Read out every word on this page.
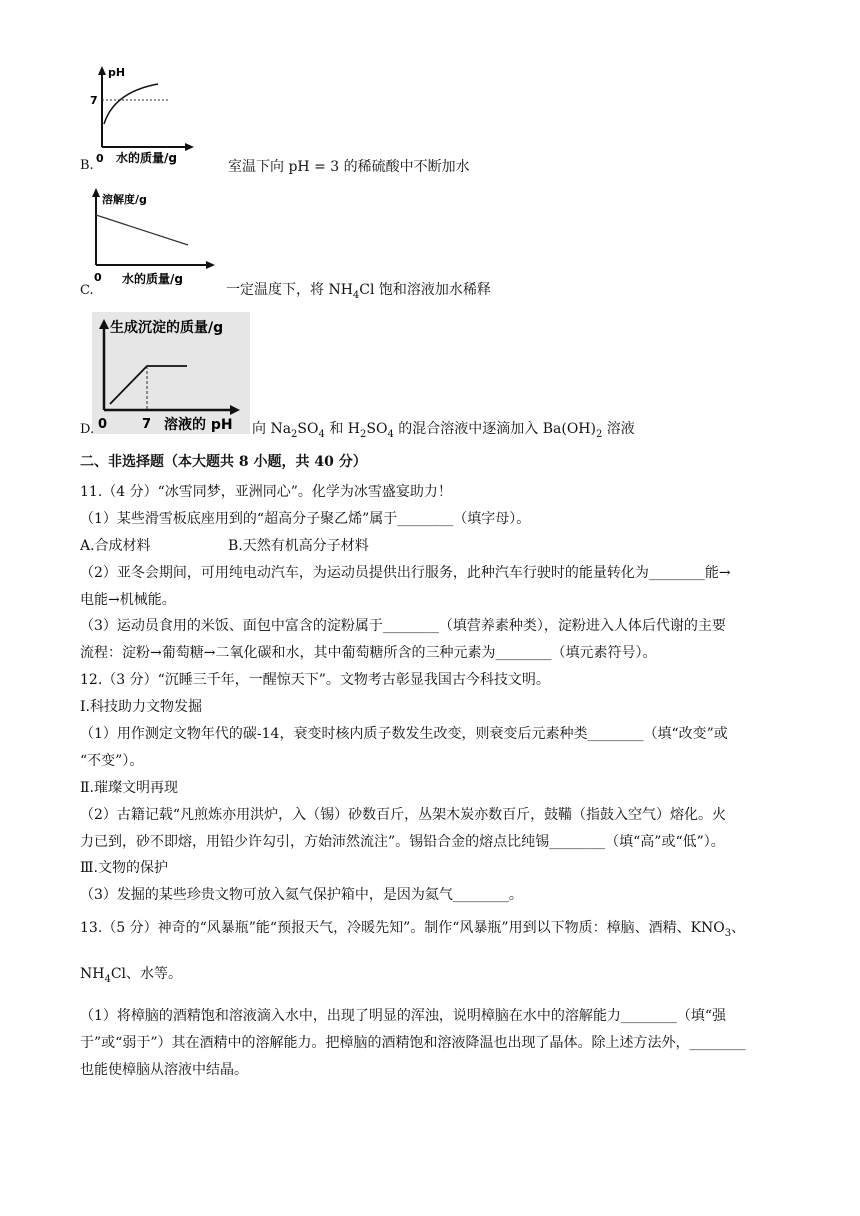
pH
7
0 水的质量/g
B.	室温下向 pH = 3 的稀硫酸中不断加水
溶解度/g
0 水的质量/g
C.	一定温度下，将 $NH_4Cl$ 饱和溶液加水稀释
生成沉淀的质量/g
0	7 溶液的 pH
D.	向 $Na_2SO_4$ 和 $H_2SO_4$ 的混合溶液中逐滴加入 $Ba(OH)_2$ 溶液
二、非选择题（本大题共 8 小题，共 40 分）
11.（4 分）“冰雪同梦，亚洲同心”。化学为冰雪盛宴助力！
（1）某些滑雪板底座用到的“超高分子聚乙烯”属于________（填字母）。
A.合成材料	B.天然有机高分子材料
（2）亚冬会期间，可用纯电动汽车，为运动员提供出行服务，此种汽车行驶时的能量转化为________能→
电能→机械能。
（3）运动员食用的米饭、面包中富含的淀粉属于________（填营养素种类），淀粉进入人体后代谢的主要
流程：淀粉→葡萄糖→二氧化碳和水，其中葡萄糖所含的三种元素为________（填元素符号）。
12.（3 分）“沉睡三千年，一醒惊天下”。文物考古彰显我国古今科技文明。
Ⅰ.科技助力文物发掘
（1）用作测定文物年代的碳-14，衰变时核内质子数发生改变，则衰变后元素种类________（填“改变”或
“不变”）。
Ⅱ.璀璨文明再现
（2）古籍记载“凡煎炼亦用洪炉，入（锡）砂数百斤，丛架木炭亦数百斤，鼓鞴（指鼓入空气）熔化。火
力已到，砂不即熔，用铅少许勾引，方始沛然流注”。锡铅合金的熔点比纯锡________（填“高”或“低”）。
Ⅲ.文物的保护
（3）发掘的某些珍贵文物可放入氦气保护箱中，是因为氦气________。
13.（5 分）神奇的“风暴瓶”能“预报天气，冷暖先知”。制作“风暴瓶”用到以下物质：樟脑、酒精、$KNO_3$、
$NH_4Cl$、水等。
（1）将樟脑的酒精饱和溶液滴入水中，出现了明显的浑浊，说明樟脑在水中的溶解能力________（填“强
于”或“弱于”）其在酒精中的溶解能力。把樟脑的酒精饱和溶液降温也出现了晶体。除上述方法外，________
也能使樟脑从溶液中结晶。
